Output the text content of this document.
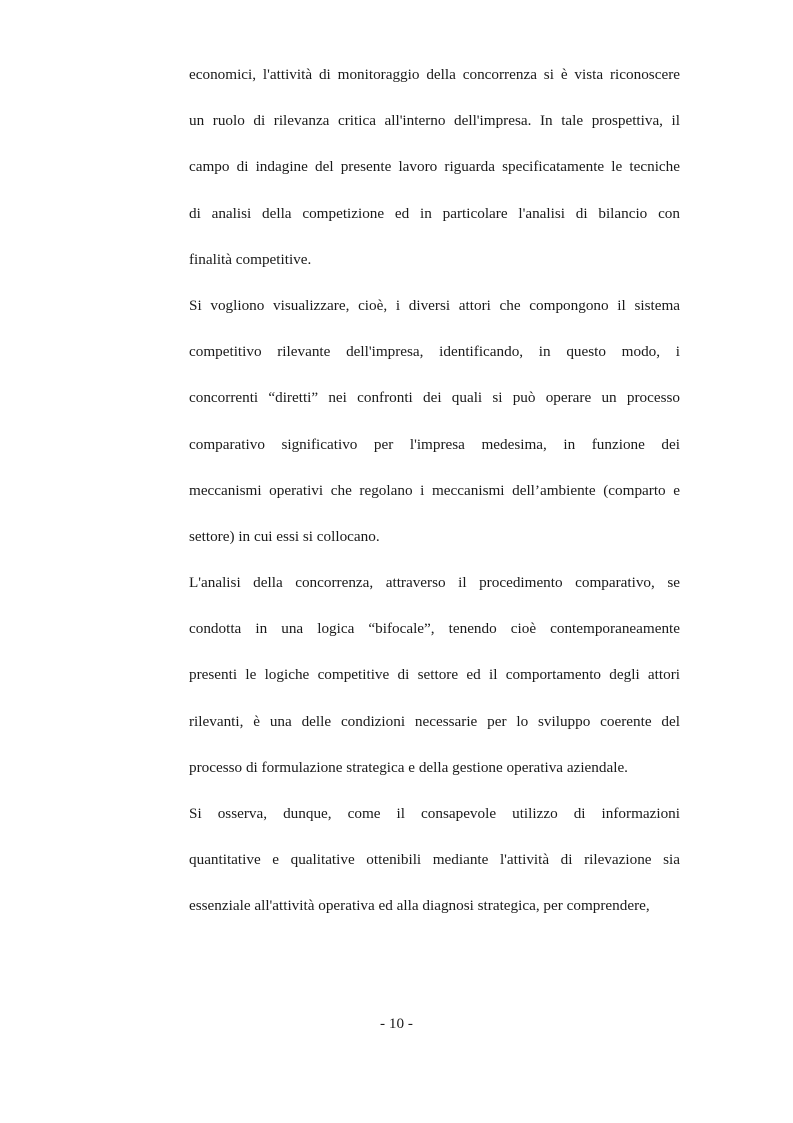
economici, l'attività di monitoraggio della concorrenza si è vista riconoscere
un ruolo di rilevanza critica all'interno dell'impresa. In tale prospettiva, il
campo di indagine del presente lavoro riguarda specificatamente le tecniche
di analisi della competizione ed in particolare l'analisi di bilancio con
finalità competitive.
Si vogliono visualizzare, cioè, i diversi attori che compongono il sistema
competitivo rilevante dell'impresa, identificando, in questo modo, i
concorrenti “diretti” nei confronti dei quali si può operare un processo
comparativo significativo per l'impresa medesima, in funzione dei
meccanismi operativi che regolano i meccanismi dell’ambiente (comparto e
settore) in cui essi si collocano.
L'analisi della concorrenza, attraverso il procedimento comparativo, se
condotta in una logica “bifocale”, tenendo cioè contemporaneamente
presenti le logiche competitive di settore ed il comportamento degli attori
rilevanti, è una delle condizioni necessarie per lo sviluppo coerente del
processo di formulazione strategica e della gestione operativa aziendale.
Si osserva, dunque, come il consapevole utilizzo di informazioni
quantitative e qualitative ottenibili mediante l'attività di rilevazione sia
essenziale all'attività operativa ed alla diagnosi strategica, per comprendere,
- 10 -
